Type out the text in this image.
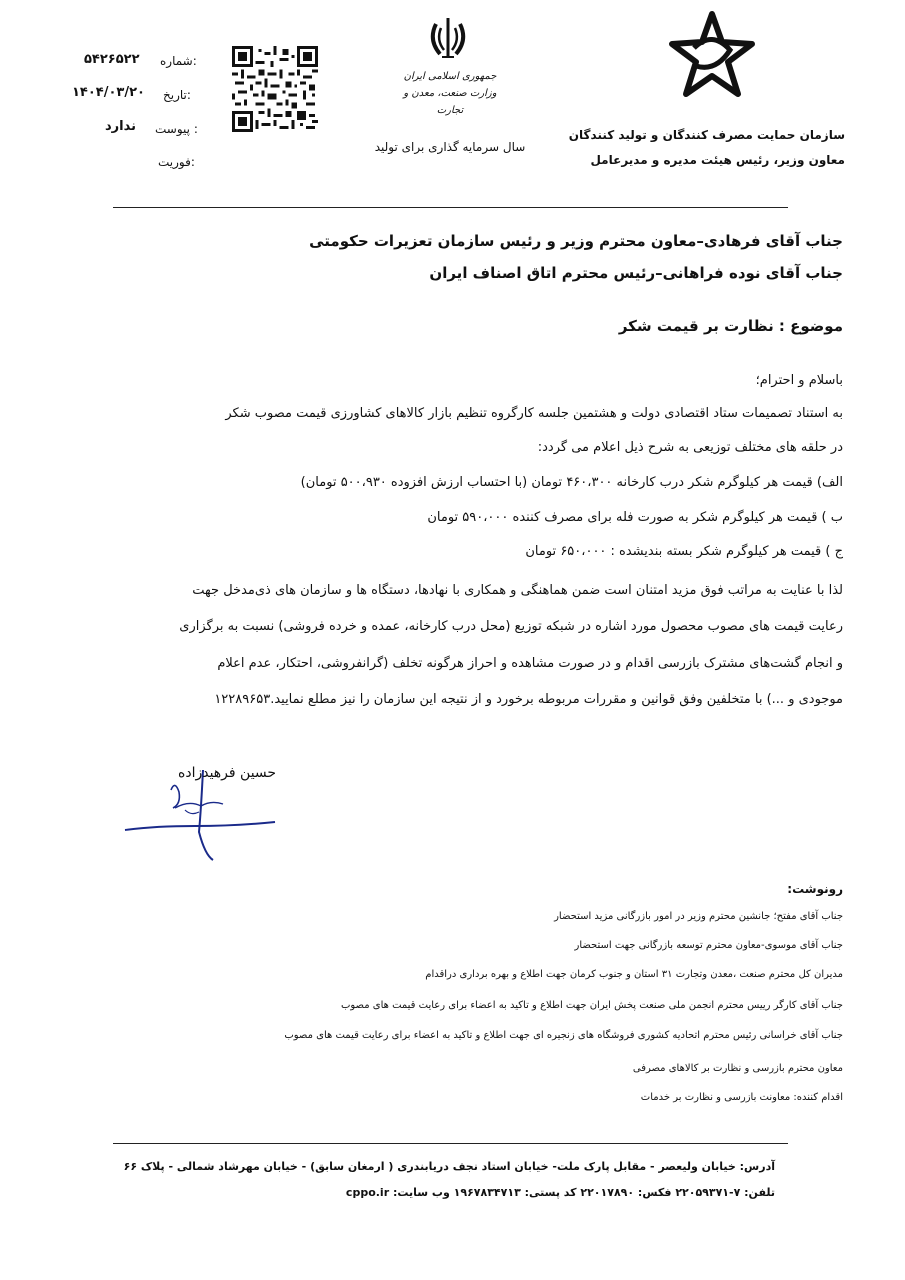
سازمان حمایت مصرف کنندگان و تولید کنندگان
معاون وزیر، رئیس هیئت مدیره و مدیرعامل
جمهوری اسلامی ایران
وزارت صنعت، معدن و تجارت
سال سرمایه گذاری برای تولید
شماره:
۵۴۲۶۵۲۲
تاریخ:
۱۴۰۴/۰۳/۲۰
پیوست :
ندارد
فوریت:
جناب آقای فرهادی–معاون محترم وزیر و رئیس سازمان تعزیرات حکومتی
جناب آقای نوده فراهانی–رئیس محترم اتاق اصناف ایران
موضوع : نظارت بر قیمت شکر
باسلام و احترام؛
به استناد تصمیمات ستاد اقتصادی دولت و هشتمین جلسه کارگروه تنظیم بازار کالاهای کشاورزی قیمت مصوب شکر
در حلقه های مختلف توزیعی به شرح ذیل اعلام می گردد:
الف) قیمت هر کیلوگرم شکر درب کارخانه ۴۶۰،۳۰۰ تومان (با احتساب ارزش افزوده ۵۰۰،۹۳۰ تومان)
ب ) قیمت هر کیلوگرم شکر به صورت فله برای مصرف کننده ۵۹۰،۰۰۰ تومان
ج ) قیمت هر کیلوگرم شکر بسته بندیشده : ۶۵۰،۰۰۰ تومان
لذا با عنایت به مراتب فوق مزید امتنان است ضمن هماهنگی و همکاری با نهادها، دستگاه ها و سازمان های ذی‌مدخل جهت
رعایت قیمت های مصوب محصول مورد اشاره در شبکه توزیع (محل درب کارخانه، عمده و خرده فروشی) نسبت به برگزاری
و انجام گشت‌های مشترک بازرسی اقدام و در صورت مشاهده و احراز هرگونه تخلف (گرانفروشی، احتکار، عدم اعلام
موجودی و ...) با متخلفین وفق قوانین و مقررات مربوطه برخورد و از نتیجه این سازمان را نیز مطلع نمایید.۱۲۲۸۹۶۵۳
حسین فرهیدزاده
رونوشت:
جناب آقای مفتح؛ جانشین محترم وزیر در امور بازرگانی مزید استحضار
جناب آقای موسوی-معاون محترم توسعه بازرگانی جهت استحضار
مدیران کل محترم صنعت ،معدن وتجارت ۳۱ استان و جنوب کرمان جهت اطلاع و بهره برداری دراقدام
جناب آقای کارگر رییس محترم انجمن ملی صنعت پخش ایران جهت اطلاع و تاکید به اعضاء برای رعایت قیمت های مصوب
جناب آقای خراسانی رئیس محترم اتحادیه کشوری فروشگاه های زنجیره ای جهت اطلاع و تاکید به اعضاء برای رعایت قیمت های مصوب
معاون محترم بازرسی و نظارت بر کالاهای مصرفی
اقدام کننده: معاونت بازرسی و نظارت بر خدمات
آدرس: خیابان ولیعصر - مقابل پارک ملت- خیابان استاد نجف دریابندری ( ارمغان سابق) - خیابان مهرشاد شمالی - پلاک ۶۶
تلفن: ۷-۲۲۰۵۹۳۷۱ فکس: ۲۲۰۱۷۸۹۰ کد پستی: ۱۹۶۷۸۳۴۷۱۳ وب سایت: cppo.ir
